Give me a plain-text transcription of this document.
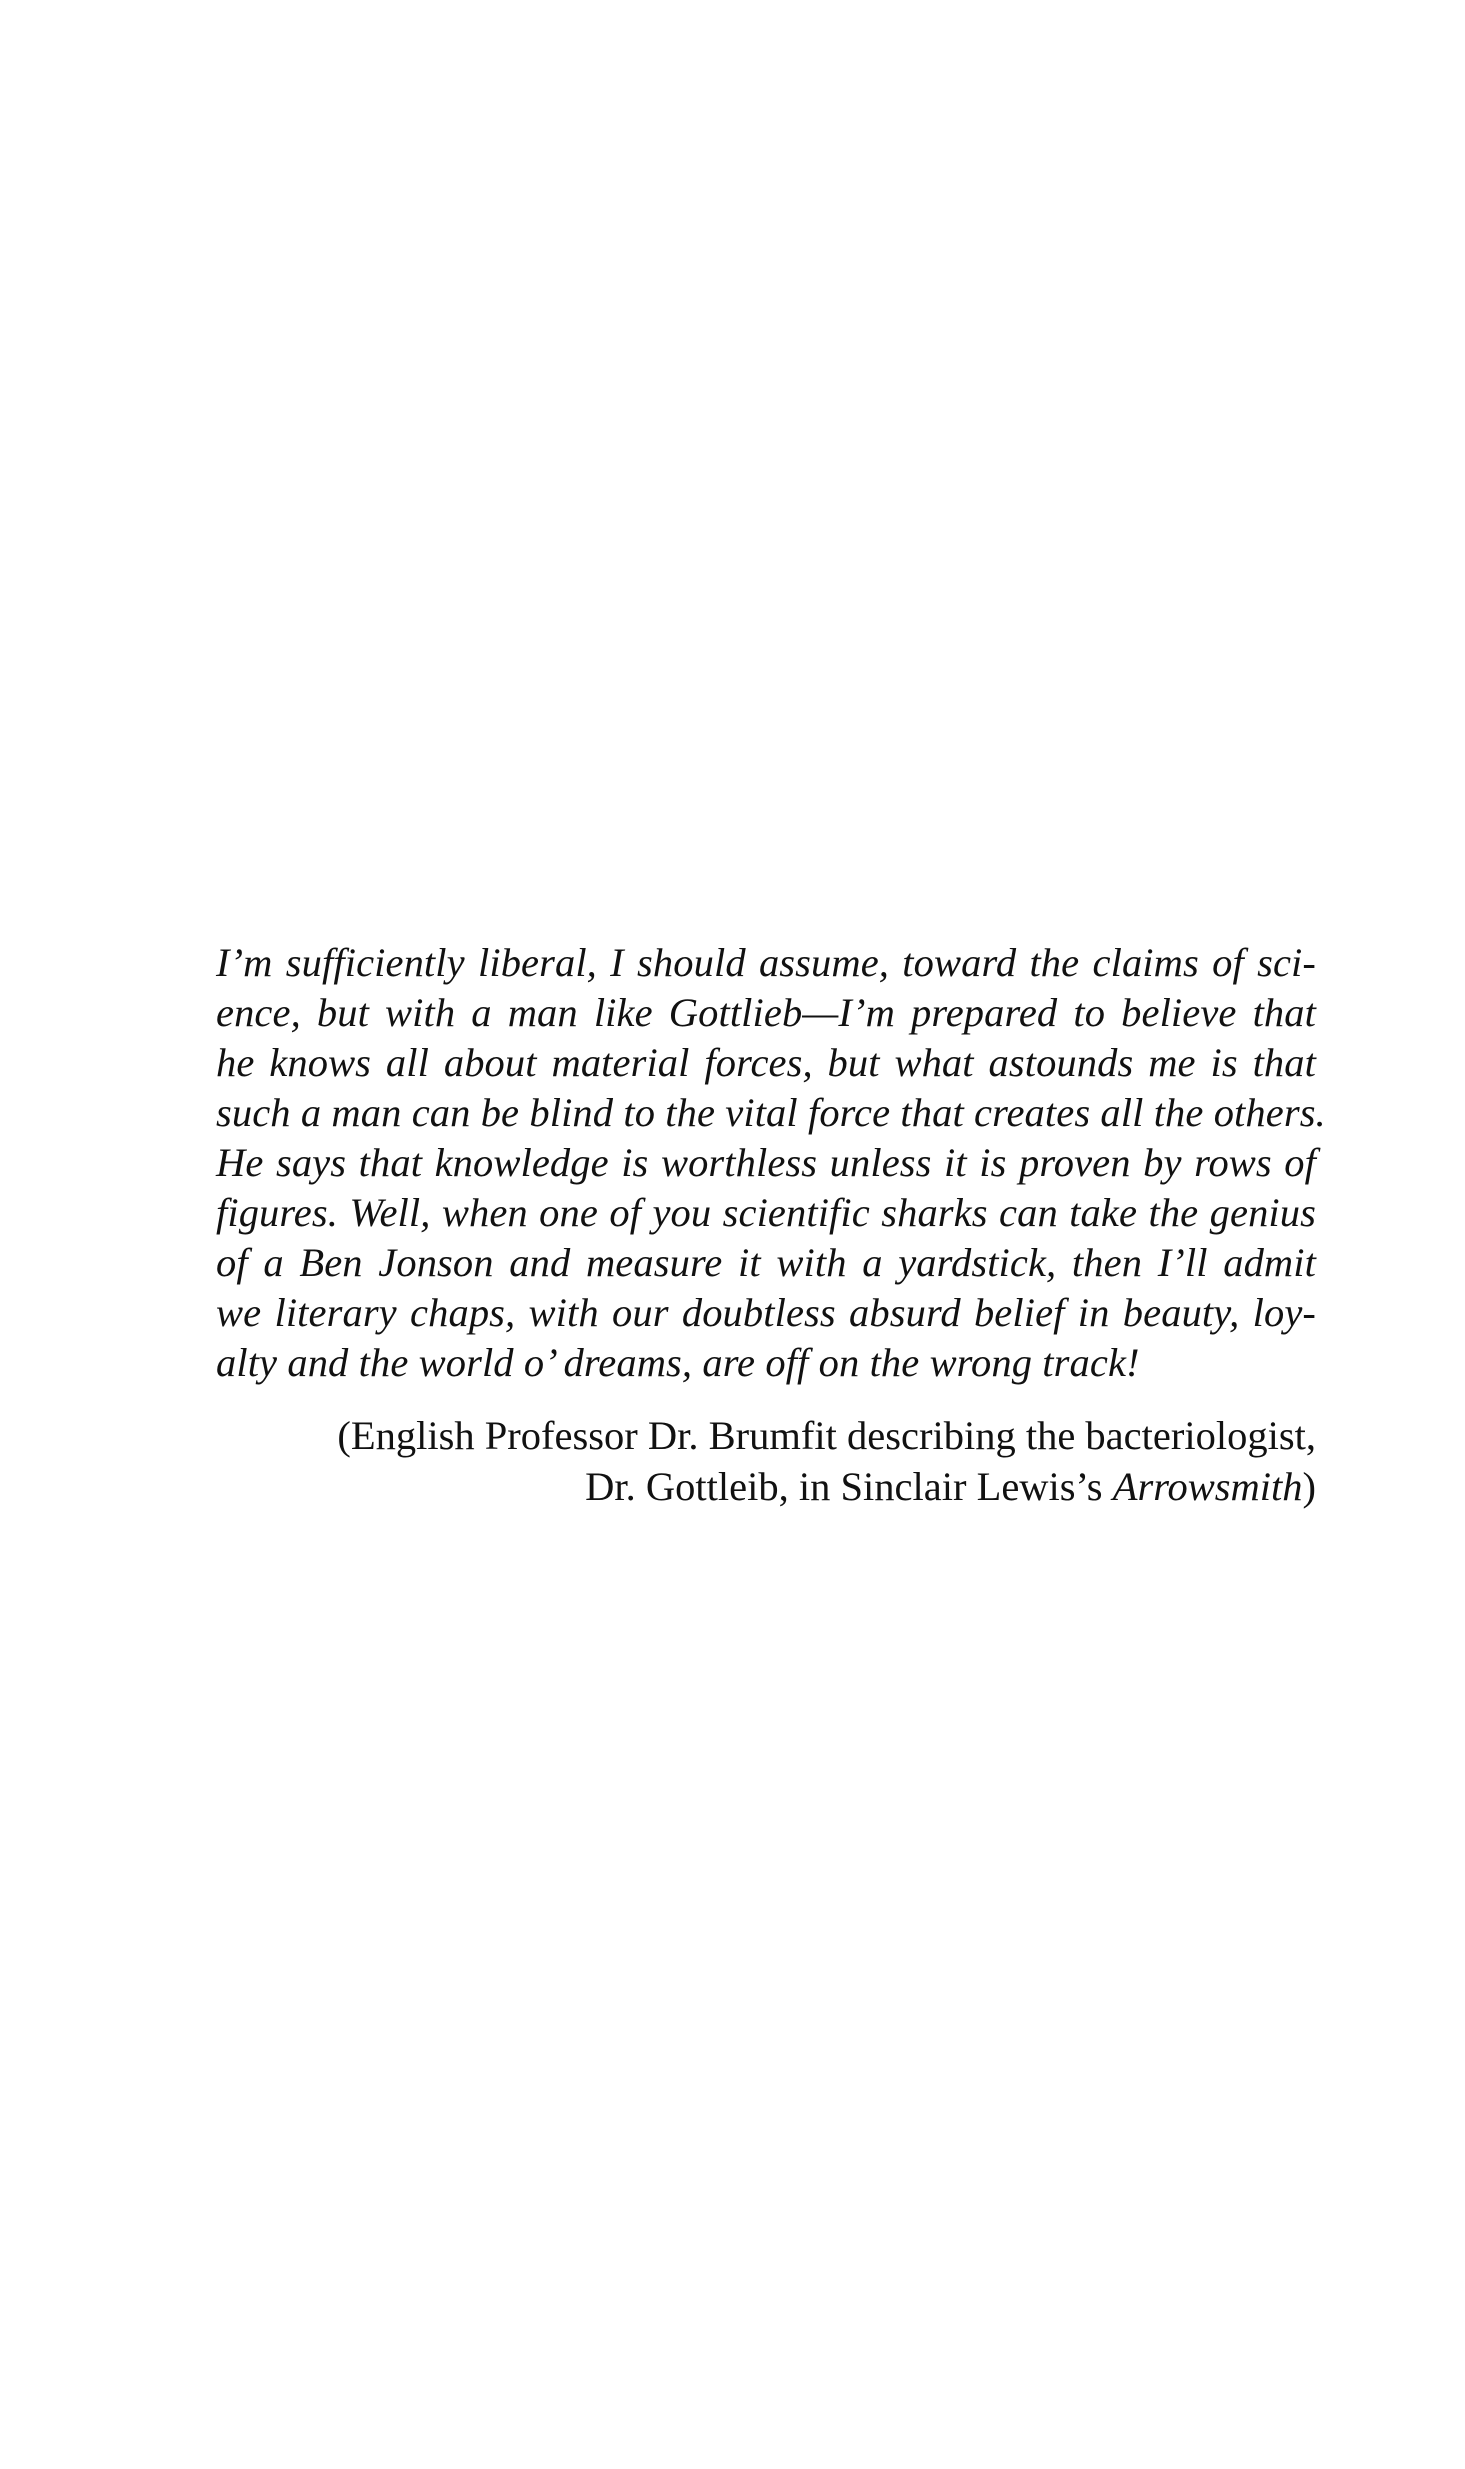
I’m sufficiently liberal, I should assume, toward the claims of sci-
ence, but with a man like Gottlieb—I’m prepared to believe that
he knows all about material forces, but what astounds me is that
such a man can be blind to the vital force that creates all the others.
He says that knowledge is worthless unless it is proven by rows of
figures. Well, when one of you scientific sharks can take the genius
of a Ben Jonson and measure it with a yardstick, then I’ll admit
we literary chaps, with our doubtless absurd belief in beauty, loy-
alty and the world o’ dreams, are off on the wrong track!

(English Professor Dr. Brumfit describing the bacteriologist,
Dr. Gottleib, in Sinclair Lewis’s Arrowsmith)
